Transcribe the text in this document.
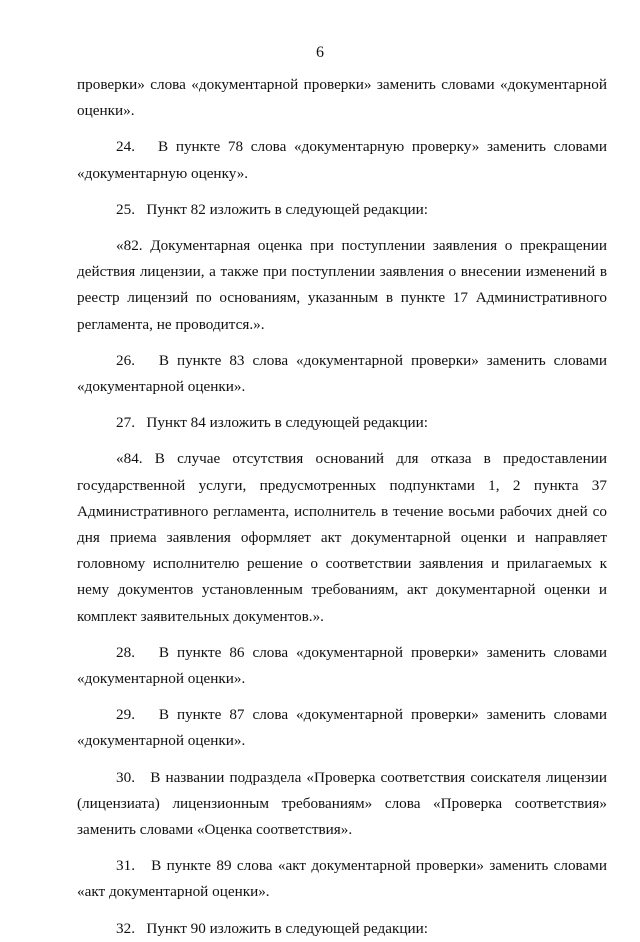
6

проверки» слова «документарной проверки» заменить словами «документарной оценки».

24.   В пункте 78 слова «документарную проверку» заменить словами «документарную оценку».

25.   Пункт 82 изложить в следующей редакции:

«82. Документарная оценка при поступлении заявления о прекращении действия лицензии, а также при поступлении заявления о внесении изменений в реестр лицензий по основаниям, указанным в пункте 17 Административного регламента, не проводится.».

26.   В пункте 83 слова «документарной проверки» заменить словами «документарной оценки».

27.   Пункт 84 изложить в следующей редакции:

«84. В случае отсутствия оснований для отказа в предоставлении государственной услуги, предусмотренных подпунктами 1, 2 пункта 37 Административного регламента, исполнитель в течение восьми рабочих дней со дня приема заявления оформляет акт документарной оценки и направляет головному исполнителю решение о соответствии заявления и прилагаемых к нему документов установленным требованиям, акт документарной оценки и комплект заявительных документов.».

28.   В пункте 86 слова «документарной проверки» заменить словами «документарной оценки».

29.   В пункте 87 слова «документарной проверки» заменить словами «документарной оценки».

30.   В названии подраздела «Проверка соответствия соискателя лицензии (лицензиата) лицензионным требованиям» слова «Проверка соответствия» заменить словами «Оценка соответствия».

31.   В пункте 89 слова «акт документарной проверки» заменить словами «акт документарной оценки».

32.   Пункт 90 изложить в следующей редакции:
